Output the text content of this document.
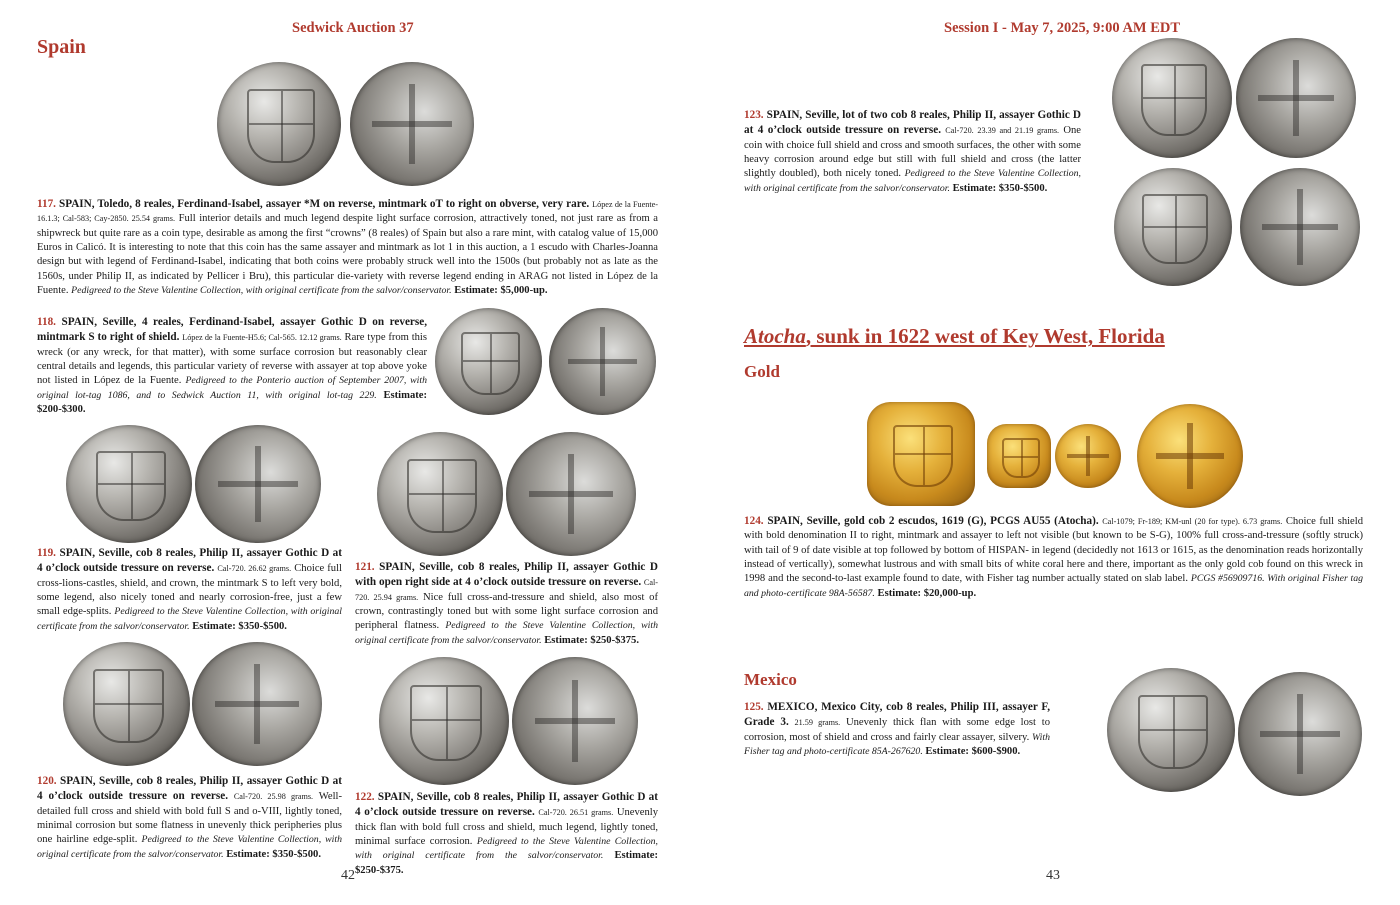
Sedwick Auction 37
Spain
117. SPAIN, Toledo, 8 reales, Ferdinand-Isabel, assayer *M on reverse, mintmark oT to right on obverse, very rare. López de la Fuente-16.1.3; Cal-583; Cay-2850. 25.54 grams. Full interior details and much legend despite light surface corrosion, attractively toned, not just rare as from a shipwreck but quite rare as a coin type, desirable as among the first “crowns” (8 reales) of Spain but also a rare mint, with catalog value of 15,000 Euros in Calicó. It is interesting to note that this coin has the same assayer and mintmark as lot 1 in this auction, a 1 escudo with Charles-Joanna design but with legend of Ferdinand-Isabel, indicating that both coins were probably struck well into the 1500s (but probably not as late as the 1560s, under Philip II, as indicated by Pellicer i Bru), this particular die-variety with reverse legend ending in ARAG not listed in López de la Fuente. Pedigreed to the Steve Valentine Collection, with original certificate from the salvor/conservator. Estimate: $5,000-up.
118. SPAIN, Seville, 4 reales, Ferdinand-Isabel, assayer Gothic D on reverse, mintmark S to right of shield. López de la Fuente-H5.6; Cal-565. 12.12 grams. Rare type from this wreck (or any wreck, for that matter), with some surface corrosion but reasonably clear central details and legends, this particular variety of reverse with assayer at top above yoke not listed in López de la Fuente. Pedigreed to the Ponterio auction of September 2007, with original lot-tag 1086, and to Sedwick Auction 11, with original lot-tag 229. Estimate: $200-$300.
119. SPAIN, Seville, cob 8 reales, Philip II, assayer Gothic D at 4 o’clock outside tressure on reverse. Cal-720. 26.62 grams. Choice full cross-lions-castles, shield, and crown, the mintmark S to left very bold, some legend, also nicely toned and nearly corrosion-free, just a few small edge-splits. Pedigreed to the Steve Valentine Collection, with original certificate from the salvor/conservator. Estimate: $350-$500.
121. SPAIN, Seville, cob 8 reales, Philip II, assayer Gothic D with open right side at 4 o’clock outside tressure on reverse. Cal-720. 25.94 grams. Nice full cross-and-tressure and shield, also most of crown, contrastingly toned but with some light surface corrosion and peripheral flatness. Pedigreed to the Steve Valentine Collection, with original certificate from the salvor/conservator. Estimate: $250-$375.
120. SPAIN, Seville, cob 8 reales, Philip II, assayer Gothic D at 4 o’clock outside tressure on reverse. Cal-720. 25.98 grams. Well-detailed full cross and shield with bold full S and o-VIII, lightly toned, minimal corrosion but some flatness in unevenly thick peripheries plus one hairline edge-split. Pedigreed to the Steve Valentine Collection, with original certificate from the salvor/conservator. Estimate: $350-$500.
122. SPAIN, Seville, cob 8 reales, Philip II, assayer Gothic D at 4 o’clock outside tressure on reverse. Cal-720. 26.51 grams. Unevenly thick flan with bold full cross and shield, much legend, lightly toned, minimal surface corrosion. Pedigreed to the Steve Valentine Collection, with original certificate from the salvor/conservator. Estimate: $250-$375.
42
Session I - May 7, 2025, 9:00 AM EDT
123. SPAIN, Seville, lot of two cob 8 reales, Philip II, assayer Gothic D at 4 o’clock outside tressure on reverse. Cal-720. 23.39 and 21.19 grams. One coin with choice full shield and cross and smooth surfaces, the other with some heavy corrosion around edge but still with full shield and cross (the latter slightly doubled), both nicely toned. Pedigreed to the Steve Valentine Collection, with original certificate from the salvor/conservator. Estimate: $350-$500.
Atocha, sunk in 1622 west of Key West, Florida
Gold
124. SPAIN, Seville, gold cob 2 escudos, 1619 (G), PCGS AU55 (Atocha). Cal-1079; Fr-189; KM-unl (20 for type). 6.73 grams. Choice full shield with bold denomination II to right, mintmark and assayer to left not visible (but known to be S-G), 100% full cross-and-tressure (softly struck) with tail of 9 of date visible at top followed by bottom of HISPAN- in legend (decidedly not 1613 or 1615, as the denomination reads horizontally instead of vertically), somewhat lustrous and with small bits of white coral here and there, important as the only gold cob found on this wreck in 1998 and the second-to-last example found to date, with Fisher tag number actually stated on slab label. PCGS #56909716. With original Fisher tag and photo-certificate 98A-56587. Estimate: $20,000-up.
Mexico
125. MEXICO, Mexico City, cob 8 reales, Philip III, assayer F, Grade 3. 21.59 grams. Unevenly thick flan with some edge lost to corrosion, most of shield and cross and fairly clear assayer, silvery. With Fisher tag and photo-certificate 85A-267620. Estimate: $600-$900.
43
